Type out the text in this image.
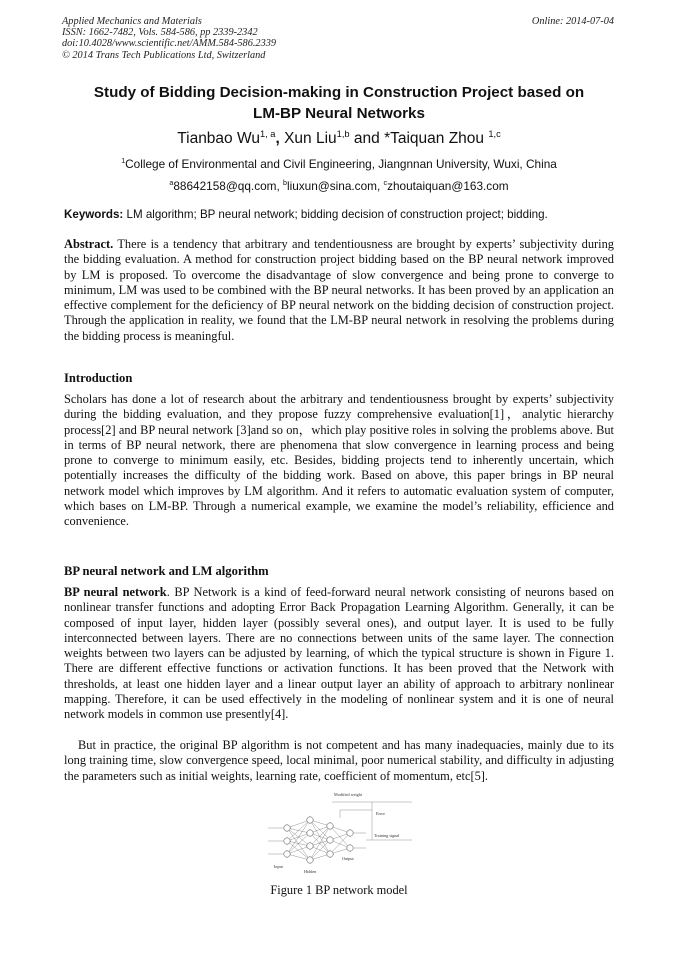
Applied Mechanics and Materials
ISSN: 1662-7482, Vols. 584-586, pp 2339-2342
doi:10.4028/www.scientific.net/AMM.584-586.2339
© 2014 Trans Tech Publications Ltd, Switzerland
Online: 2014-07-04
Study of Bidding Decision-making in Construction Project based on
LM-BP Neural Networks
Tianbao Wu$^{1, a}$, Xun Liu$^{1,b}$ and *Taiquan Zhou $^{1,c}$
$^1$College of Environmental and Civil Engineering, Jiangnnan University, Wuxi, China
$^a$88642158@qq.com, $^b$liuxun@sina.com, $^c$zhoutaiquan@163.com
Keywords: LM algorithm; BP neural network; bidding decision of construction project; bidding.
Abstract. There is a tendency that arbitrary and tendentiousness are brought by experts’ subjectivity during the bidding evaluation. A method for construction project bidding based on the BP neural network improved by LM is proposed. To overcome the disadvantage of slow convergence and being prone to converge to minimum, LM was used to be combined with the BP neural networks. It has been proved by an application an effective complement for the deficiency of BP neural network on the bidding decision of construction project. Through the application in reality, we found that the LM-BP neural network in resolving the problems during the bidding process is meaningful.
Introduction
Scholars has done a lot of research about the arbitrary and tendentiousness brought by experts’ subjectivity during the bidding evaluation, and they propose fuzzy comprehensive evaluation[1]，analytic hierarchy process[2] and BP neural network [3]and so on，which play positive roles in solving the problems above. But in terms of BP neural network, there are phenomena that slow convergence in learning process and being prone to converge to minimum easily, etc. Besides, bidding projects tend to inherently uncertain, which potentially increases the difficulty of the bidding work. Based on above, this paper brings in BP neural network model which improves by LM algorithm. And it refers to automatic evaluation system of computer, which bases on LM-BP. Through a numerical example, we examine the model’s reliability, efficience and convenience.
BP neural network and LM algorithm
BP neural network. BP Network is a kind of feed-forward neural network consisting of neurons based on nonlinear transfer functions and adopting Error Back Propagation Learning Algorithm. Generally, it can be composed of input layer, hidden layer (possibly several ones), and output layer. It is used to be fully interconnected between layers. There are no connections between units of the same layer. The connection weights between two layers can be adjusted by learning, of which the typical structure is shown in Figure 1. There are different effective functions or activation functions. It has been proved that the Network with thresholds, at least one hidden layer and a linear output layer an ability of approach to arbitrary nonlinear mapping. Therefore, it can be used effectively in the modeling of nonlinear system and it is one of neural network models in common use presently[4].
But in practice, the original BP algorithm is not competent and has many inadequacies, mainly due to its long training time, slow convergence speed, local minimal, poor numerical stability, and difficulty in adjusting the parameters such as initial weights, learning rate, coefficient of momentum, etc[5].
Modified weight
Error
Training signal
Input
Hidden
Output
Figure 1 BP network model
